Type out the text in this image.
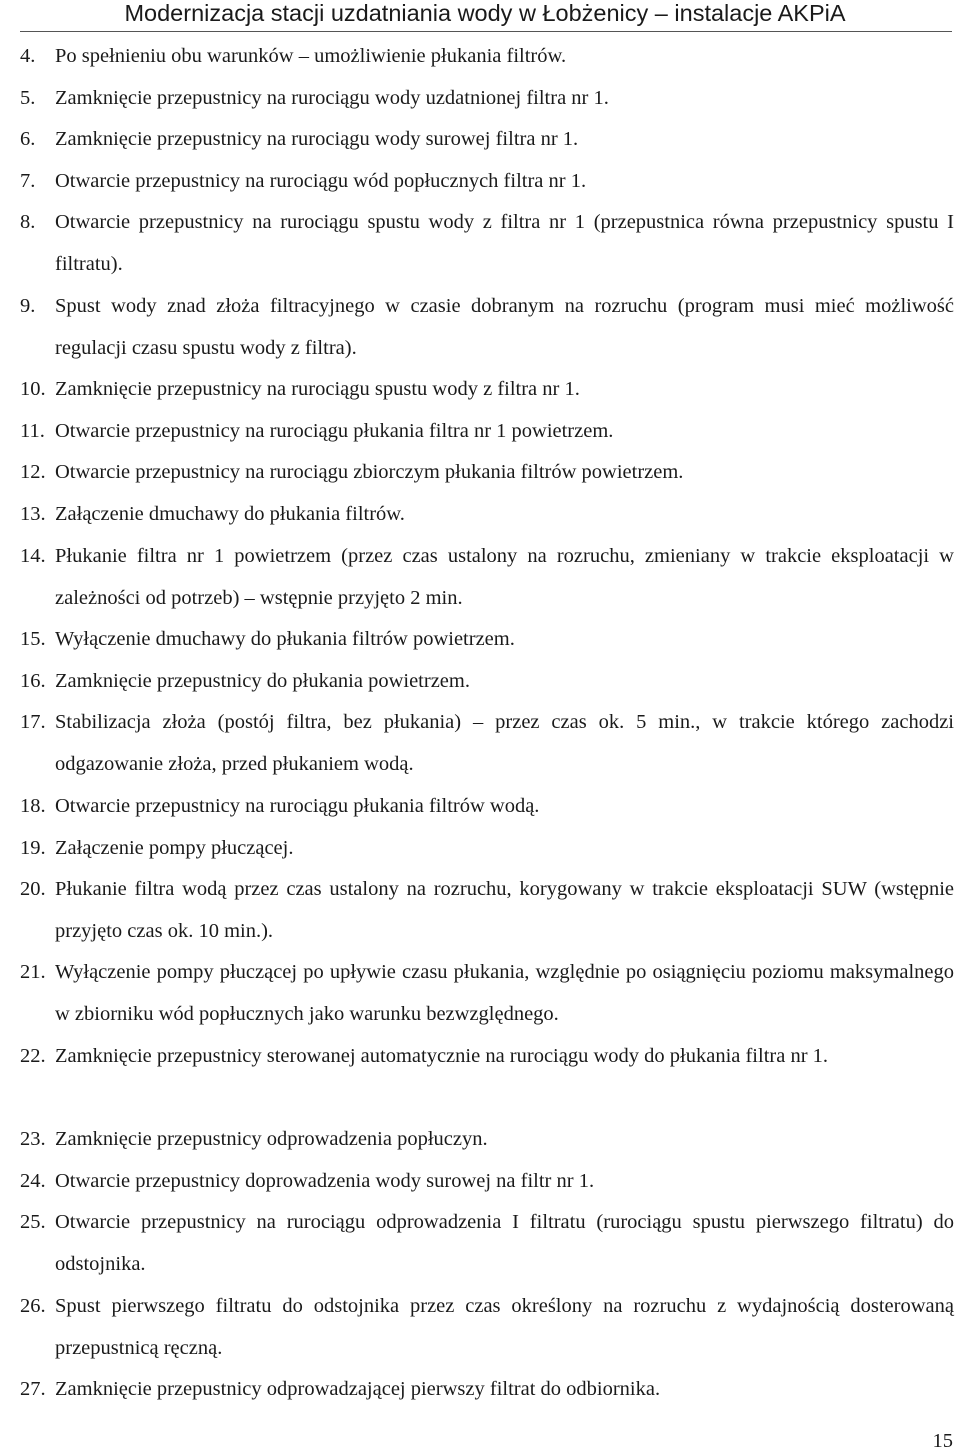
Modernizacja stacji uzdatniania wody w Łobżenicy – instalacje AKPiA
4. Po spełnieniu obu warunków – umożliwienie płukania filtrów.
5. Zamknięcie przepustnicy na rurociągu wody uzdatnionej filtra nr 1.
6. Zamknięcie przepustnicy na rurociągu wody surowej filtra nr 1.
7. Otwarcie przepustnicy na rurociągu wód popłucznych filtra nr 1.
8. Otwarcie przepustnicy na rurociągu spustu wody z filtra nr 1 (przepustnica równa przepustnicy spustu I filtratu).
9. Spust wody znad złoża filtracyjnego w czasie dobranym na rozruchu (program musi mieć możliwość regulacji czasu spustu wody z filtra).
10. Zamknięcie przepustnicy na rurociągu spustu wody z filtra nr 1.
11. Otwarcie przepustnicy na rurociągu płukania filtra nr 1 powietrzem.
12. Otwarcie przepustnicy na rurociągu zbiorczym płukania filtrów powietrzem.
13. Załączenie dmuchawy do płukania filtrów.
14. Płukanie filtra nr 1 powietrzem (przez czas ustalony na rozruchu, zmieniany w trakcie eksploatacji w zależności od potrzeb) – wstępnie przyjęto 2 min.
15. Wyłączenie dmuchawy do płukania filtrów powietrzem.
16. Zamknięcie przepustnicy do płukania powietrzem.
17. Stabilizacja złoża (postój filtra, bez płukania) – przez czas ok. 5 min., w trakcie którego zachodzi odgazowanie złoża, przed płukaniem wodą.
18. Otwarcie przepustnicy na rurociągu płukania filtrów wodą.
19. Załączenie pompy płuczącej.
20. Płukanie filtra wodą przez czas ustalony na rozruchu, korygowany w trakcie eksploatacji SUW (wstępnie przyjęto czas ok. 10 min.).
21. Wyłączenie pompy płuczącej po upływie czasu płukania, względnie po osiągnięciu poziomu maksymalnego w zbiorniku wód popłucznych jako warunku bezwzględnego.
22. Zamknięcie przepustnicy sterowanej automatycznie na rurociągu wody do płukania filtra nr 1.
23. Zamknięcie przepustnicy odprowadzenia popłuczyn.
24. Otwarcie przepustnicy doprowadzenia wody surowej na filtr nr 1.
25. Otwarcie przepustnicy na rurociągu odprowadzenia I filtratu (rurociągu spustu pierwszego filtratu) do odstojnika.
26. Spust pierwszego filtratu do odstojnika przez czas określony na rozruchu z wydajnością dosterowaną przepustnicą ręczną.
27. Zamknięcie przepustnicy odprowadzającej pierwszy filtrat do odbiornika.
15
